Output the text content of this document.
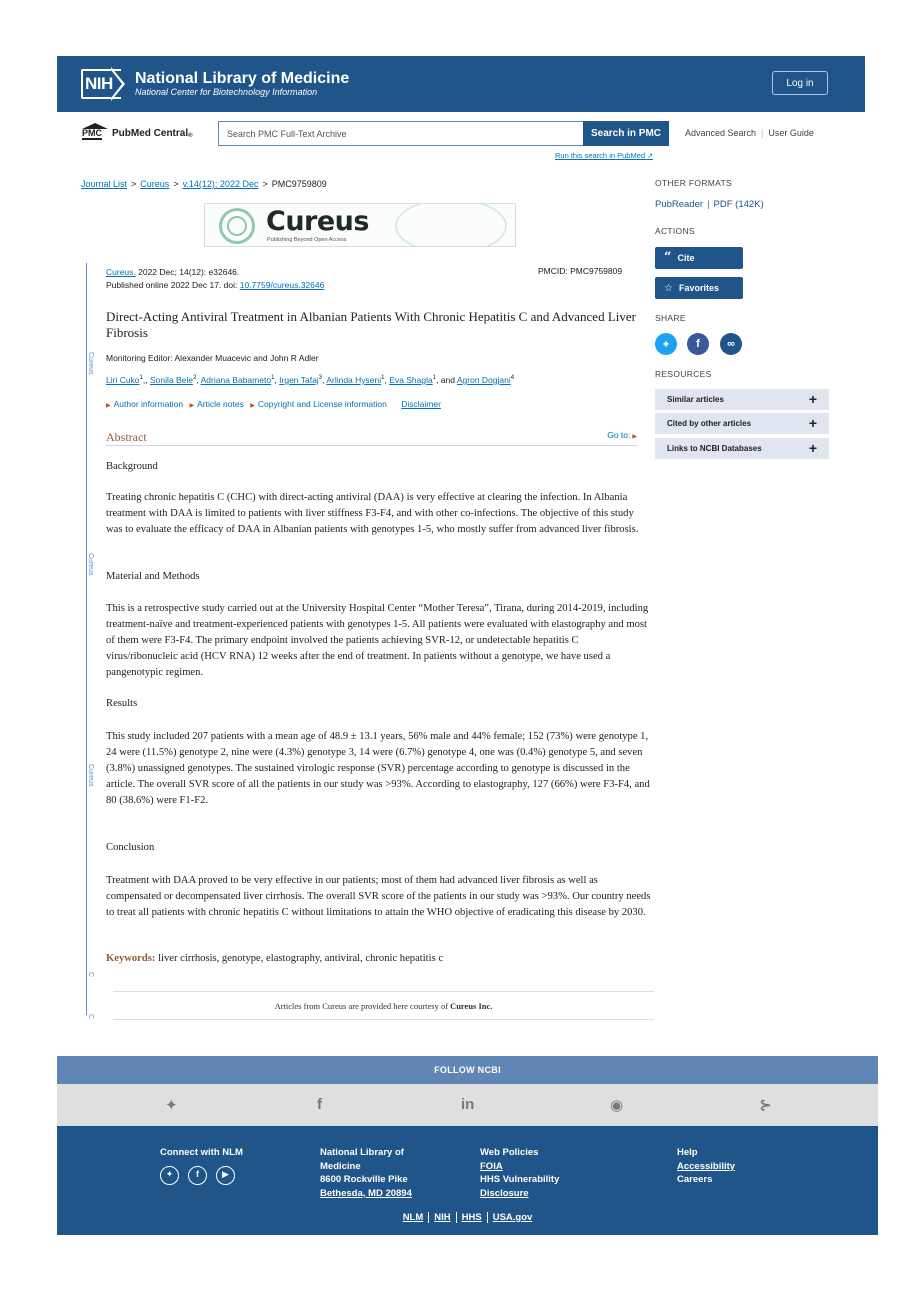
NIH National Library of Medicine
National Center for Biotechnology Information
Log in
PMC PubMed Central ®	Search PMC Full-Text Archive	Search in PMC	Advanced Search | User Guide
Run this search in PubMed ↗
Journal List > Cureus > v.14(12); 2022 Dec > PMC9759809
Cureus
Publishing Beyond Open Access
Cureus
Cureus
Cureus
C
C
Cureus. 2022 Dec; 14(12): e32646.
Published online 2022 Dec 17. doi: 10.7759/cureus.32646
PMCID: PMC9759809
Direct-Acting Antiviral Treatment in Albanian Patients With Chronic Hepatitis C and Advanced Liver Fibrosis
Monitoring Editor: Alexander Muacevic and John R Adler
Liri Cuko$^1$,, Sonila Bele$^2$, Adriana Babameto$^1$, Irgen Tafaj$^3$, Arlinda Hyseni$^1$, Eva Shagla$^1$, and Agron Dogjani$^4$
▶ Author information ▶ Article notes ▶ Copyright and License information Disclaimer
Abstract	Go to: ▶
Background
Treating chronic hepatitis C (CHC) with direct-acting antiviral (DAA) is very effective at clearing the infection. In Albania treatment with DAA is limited to patients with liver stiffness F3-F4, and with other co-infections. The objective of this study was to evaluate the efficacy of DAA in Albanian patients with genotypes 1-5, who mostly suffer from advanced liver fibrosis.
Material and Methods
This is a retrospective study carried out at the University Hospital Center “Mother Teresa”, Tirana, during 2014-2019, including treatment-naïve and treatment-experienced patients with genotypes 1-5. All patients were evaluated with elastography and most of them were F3-F4. The primary endpoint involved the patients achieving SVR-12, or undetectable hepatitis C virus/ribonucleic acid (HCV RNA) 12 weeks after the end of treatment. In patients without a genotype, we have used a pangenotypic regimen.
Results
This study included 207 patients with a mean age of 48.9 ± 13.1 years, 56% male and 44% female; 152 (73%) were genotype 1, 24 were (11.5%) genotype 2, nine were (4.3%) genotype 3, 14 were (6.7%) genotype 4, one was (0.4%) genotype 5, and seven (3.8%) unassigned genotypes. The sustained virologic response (SVR) percentage according to genotype is discussed in the article. The overall SVR score of all the patients in our study was >93%. According to elastography, 127 (66%) were F3-F4, and 80 (38.6%) were F1-F2.
Conclusion
Treatment with DAA proved to be very effective in our patients; most of them had advanced liver fibrosis as well as compensated or decompensated liver cirrhosis. The overall SVR score of the patients in our study was >93%. Our country needs to treat all patients with chronic hepatitis C without limitations to attain the WHO objective of eradicating this disease by 2030.
Keywords: liver cirrhosis, genotype, elastography, antiviral, chronic hepatitis c
Articles from Cureus are provided here courtesy of Cureus Inc.
OTHER FORMATS
PubReader | PDF (142K)
ACTIONS
“ Cite
☆ Favorites
SHARE
✦	f	∞
RESOURCES
Similar articles	+
Cited by other articles	+
Links to NCBI Databases	+
FOLLOW NCBI
✦	f	in	◉	⊱
Connect with NLM
✦	f	▶
National Library of
Medicine
8600 Rockville Pike
Bethesda, MD 20894
Web Policies
FOIA
HHS Vulnerability
Disclosure
Help
Accessibility
Careers
NLM NIH HHS USA.gov
